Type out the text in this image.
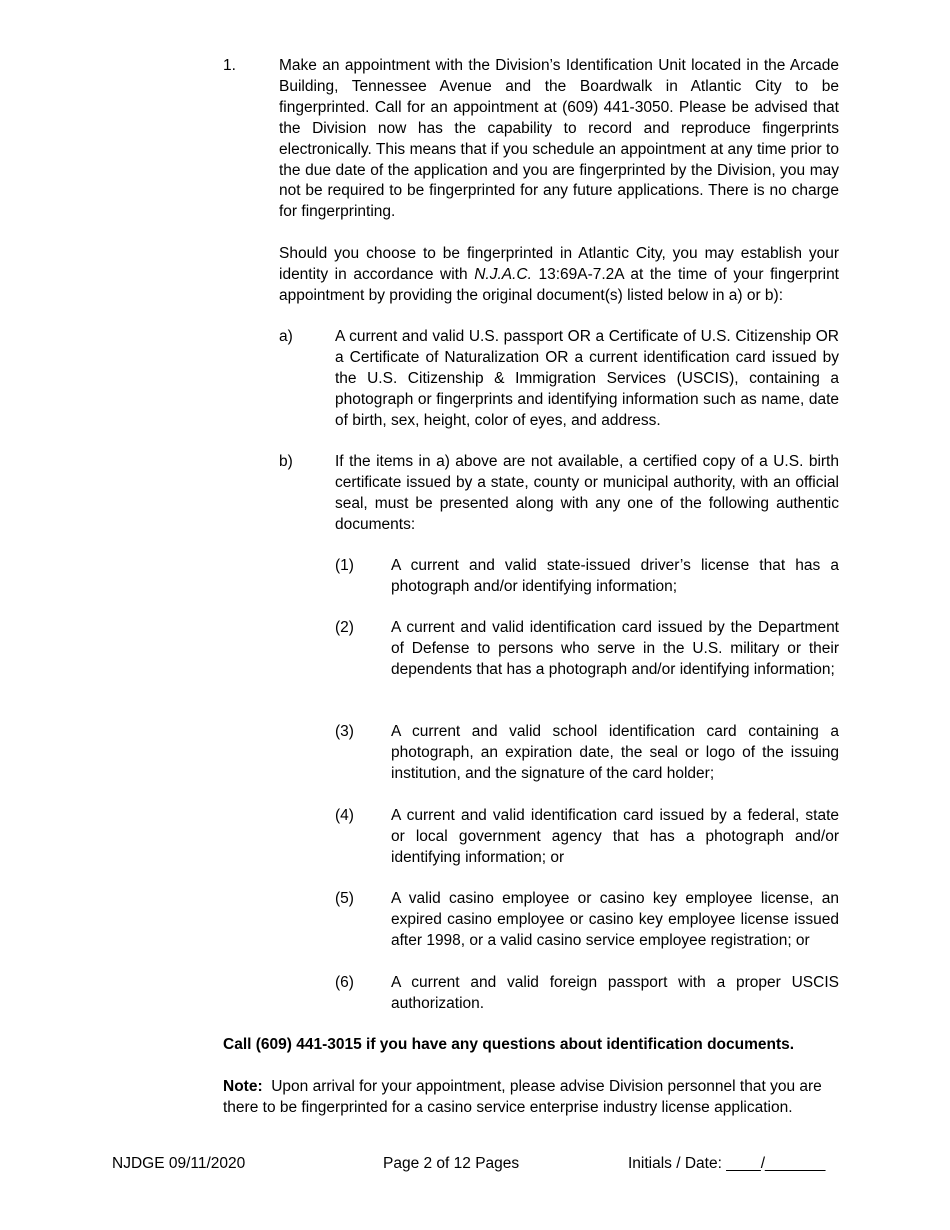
1.	Make an appointment with the Division’s Identification Unit located in the Arcade Building, Tennessee Avenue and the Boardwalk in Atlantic City to be fingerprinted. Call for an appointment at (609) 441-3050. Please be advised that the Division now has the capability to record and reproduce fingerprints electronically. This means that if you schedule an appointment at any time prior to the due date of the application and you are fingerprinted by the Division, you may not be required to be fingerprinted for any future applications. There is no charge for fingerprinting.
Should you choose to be fingerprinted in Atlantic City, you may establish your identity in accordance with N.J.A.C. 13:69A-7.2A at the time of your fingerprint appointment by providing the original document(s) listed below in a) or b):
a)	A current and valid U.S. passport OR a Certificate of U.S. Citizenship OR a Certificate of Naturalization OR a current identification card issued by the U.S. Citizenship & Immigration Services (USCIS), containing a photograph or fingerprints and identifying information such as name, date of birth, sex, height, color of eyes, and address.
b)	If the items in a) above are not available, a certified copy of a U.S. birth certificate issued by a state, county or municipal authority, with an official seal, must be presented along with any one of the following authentic documents:
(1) A current and valid state-issued driver’s license that has a photograph and/or identifying information;
(2) A current and valid identification card issued by the Department of Defense to persons who serve in the U.S. military or their dependents that has a photograph and/or identifying information;
(3) A current and valid school identification card containing a photograph, an expiration date, the seal or logo of the issuing institution, and the signature of the card holder;
(4) A current and valid identification card issued by a federal, state or local government agency that has a photograph and/or identifying information; or
(5) A valid casino employee or casino key employee license, an expired casino employee or casino key employee license issued after 1998, or a valid casino service employee registration; or
(6) A current and valid foreign passport with a proper USCIS authorization.
Call (609) 441-3015 if you have any questions about identification documents.
Note:  Upon arrival for your appointment, please advise Division personnel that you are there to be fingerprinted for a casino service enterprise industry license application.
NJDGE 09/11/2020	Page 2 of 12 Pages	Initials / Date: ____/_______
